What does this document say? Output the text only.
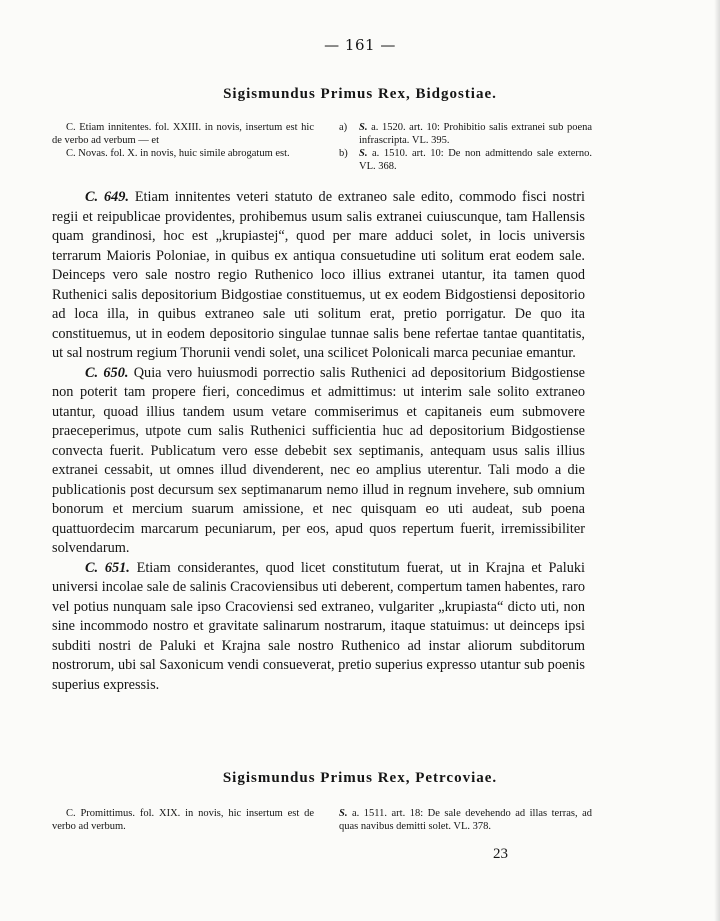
— 161 —
Sigismundus Primus Rex, Bidgostiae.

C. Etiam innitentes. fol. XXIII. in novis, insertum est hic de verbo ad verbum — et

C. Novas. fol. X. in novis, huic simile abrogatum est.

a)	S. a. 1520. art. 10: Prohibitio salis extranei sub poena infrascripta. VL. 395.
b)	S. a. 1510. art. 10: De non admittendo sale externo. VL. 368.

C. 649. Etiam innitentes veteri statuto de extraneo sale edito, commodo fisci nostri regii et reipublicae providentes, prohibemus usum salis extranei cuiuscunque, tam Hallensis quam grandinosi, hoc est „krupiastej“, quod per mare adduci solet, in locis universis terrarum Maioris Poloniae, in quibus ex antiqua consuetudine uti solitum erat eodem sale. Deinceps vero sale nostro regio Ruthenico loco illius extranei utantur, ita tamen quod Ruthenici salis depositorium Bidgostiae constituemus, ut ex eodem Bidgostiensi depositorio ad loca illa, in quibus extraneo sale uti solitum erat, pretio porrigatur. De quo ita constituemus, ut in eodem depositorio singulae tunnae salis bene refertae tantae quantitatis, ut sal nostrum regium Thorunii vendi solet, una scilicet Polonicali marca pecuniae emantur.

C. 650. Quia vero huiusmodi porrectio salis Ruthenici ad depositorium Bidgostiense non poterit tam propere fieri, concedimus et admittimus: ut interim sale solito extraneo utantur, quoad illius tandem usum vetare commiserimus et capitaneis eum submovere praeceperimus, utpote cum salis Ruthenici sufficientia huc ad depositorium Bidgostiense convecta fuerit. Publicatum vero esse debebit sex septimanis, antequam usus salis illius extranei cessabit, ut omnes illud divenderent, nec eo amplius uterentur. Tali modo a die publicationis post decursum sex septimanarum nemo illud in regnum invehere, sub omnium bonorum et mercium suarum amissione, et nec quisquam eo uti audeat, sub poena quattuordecim marcarum pecuniarum, per eos, apud quos repertum fuerit, irremissibiliter solvendarum.

C. 651. Etiam considerantes, quod licet constitutum fuerat, ut in Krajna et Paluki universi incolae sale de salinis Cracoviensibus uti deberent, compertum tamen habentes, raro vel potius nunquam sale ipso Cracoviensi sed extraneo, vulgariter „krupiasta“ dicto uti, non sine incommodo nostro et gravitate salinarum nostrarum, itaque statuimus: ut deinceps ipsi subditi nostri de Paluki et Krajna sale nostro Ruthenico ad instar aliorum subditorum nostrorum, ubi sal Saxonicum vendi consueverat, pretio superius expresso utantur sub poenis superius expressis.

Sigismundus Primus Rex, Petrcoviae.

C. Promittimus. fol. XIX. in novis, hic insertum est de verbo ad verbum.

S. a. 1511. art. 18: De sale devehendo ad illas terras, ad quas navibus demitti solet. VL. 378.

23
